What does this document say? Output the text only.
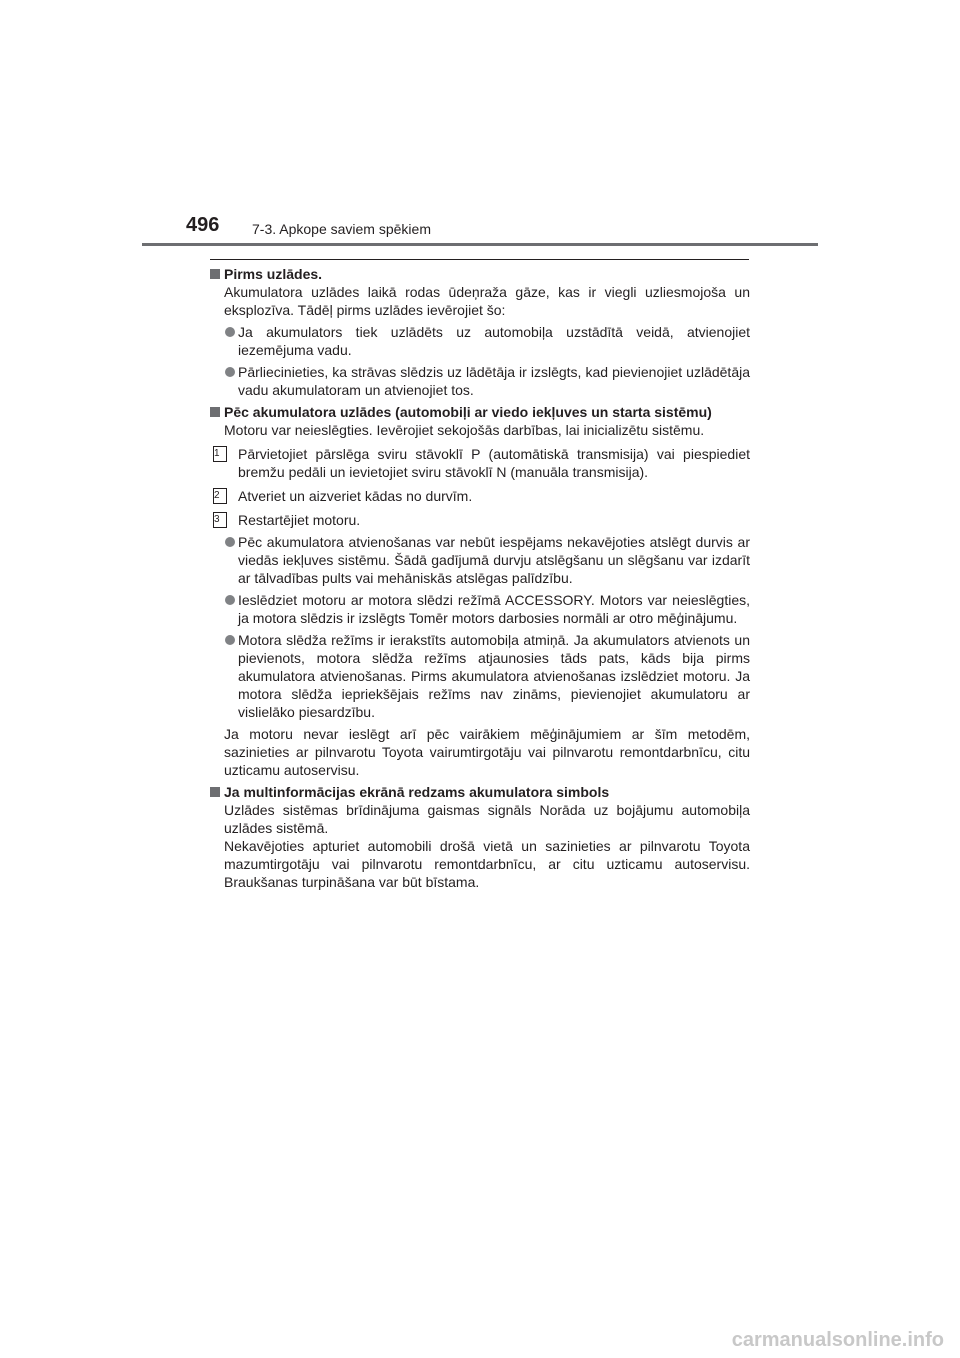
496 7-3. Apkope saviem spēkiem
Pirms uzlādes.
Akumulatora uzlādes laikā rodas ūdeņraža gāze, kas ir viegli uzliesmojoša un eksplozīva. Tādēļ pirms uzlādes ievērojiet šo:
Ja akumulators tiek uzlādēts uz automobiļa uzstādītā veidā, atvienojiet iezemējuma vadu.
Pārliecinieties, ka strāvas slēdzis uz lādētāja ir izslēgts, kad pievienojiet uzlādētāja vadu akumulatoram un atvienojiet tos.
Pēc akumulatora uzlādes (automobiļi ar viedo iekļuves un starta sistēmu)
Motoru var neieslēgties. Ievērojiet sekojošās darbības, lai inicializētu sistēmu.
1	Pārvietojiet pārslēga sviru stāvoklī P (automātiskā transmisija) vai piespiediet bremžu pedāli un ievietojiet sviru stāvoklī N (manuāla transmisija).
2	Atveriet un aizveriet kādas no durvīm.
3	Restartējiet motoru.
Pēc akumulatora atvienošanas var nebūt iespējams nekavējoties atslēgt durvis ar viedās iekļuves sistēmu. Šādā gadījumā durvju atslēgšanu un slēgšanu var izdarīt ar tālvadības pults vai mehāniskās atslēgas palīdzību.
Ieslēdziet motoru ar motora slēdzi režīmā ACCESSORY. Motors var neieslēgties, ja motora slēdzis ir izslēgts Tomēr motors darbosies normāli ar otro mēģinājumu.
Motora slēdža režīms ir ierakstīts automobiļa atmiņā. Ja akumulators atvienots un pievienots, motora slēdža režīms atjaunosies tāds pats, kāds bija pirms akumulatora atvienošanas. Pirms akumulatora atvienošanas izslēdziet motoru. Ja motora slēdža iepriekšējais režīms nav zināms, pievienojiet akumulatoru ar vislielāko piesardzību.
Ja motoru nevar ieslēgt arī pēc vairākiem mēģinājumiem ar šīm metodēm, sazinieties ar pilnvarotu Toyota vairumtirgotāju vai pilnvarotu remontdarbnīcu, citu uzticamu autoservisu.
Ja multinformācijas ekrānā redzams akumulatora simbols
Uzlādes sistēmas brīdinājuma gaismas signāls Norāda uz bojājumu automobiļa uzlādes sistēmā.
Nekavējoties apturiet automobili drošā vietā un sazinieties ar pilnvarotu Toyota mazumtirgotāju vai pilnvarotu remontdarbnīcu, ar citu uzticamu autoservisu. Braukšanas turpināšana var būt bīstama.
carmanualsonline.info
